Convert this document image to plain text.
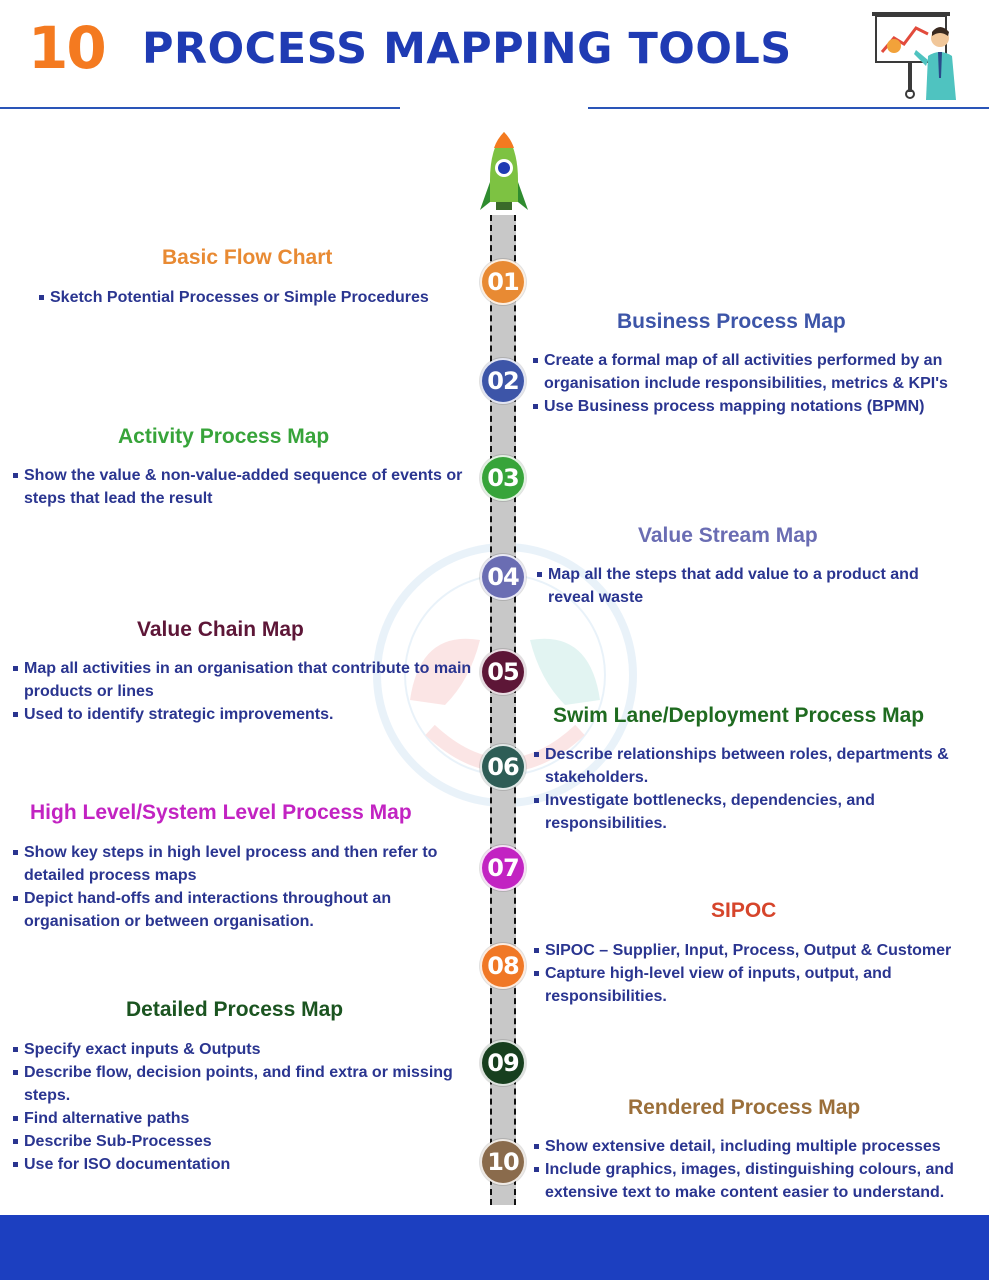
10 PROCESS MAPPING TOOLS
01
Basic Flow Chart
Sketch Potential Processes or Simple Procedures
02
Business Process Map
Create a formal map of all activities performed by an organisation include responsibilities, metrics & KPI's
Use Business process mapping notations (BPMN)
03
Activity Process Map
Show the value & non-value-added sequence of events or steps that lead the result
04
Value Stream Map
Map all the steps that add value to a product and reveal waste
05
Value Chain Map
Map all activities in an organisation that contribute to main products or lines
Used to identify strategic improvements.
06
Swim Lane/Deployment Process Map
Describe relationships between roles, departments & stakeholders.
Investigate bottlenecks, dependencies, and responsibilities.
07
High Level/System Level Process Map
Show key steps in high level process and then refer to detailed process maps
Depict hand-offs and interactions throughout an organisation or between organisation.
08
SIPOC
SIPOC – Supplier, Input, Process, Output & Customer
Capture high-level view of inputs, output, and responsibilities.
09
Detailed Process Map
Specify exact inputs & Outputs
Describe flow, decision points, and find extra or missing steps.
Find alternative paths
Describe Sub-Processes
Use for ISO documentation	10
Rendered Process Map
Show extensive detail, including multiple processes
Include graphics, images, distinguishing colours, and extensive text to make content easier to understand.
